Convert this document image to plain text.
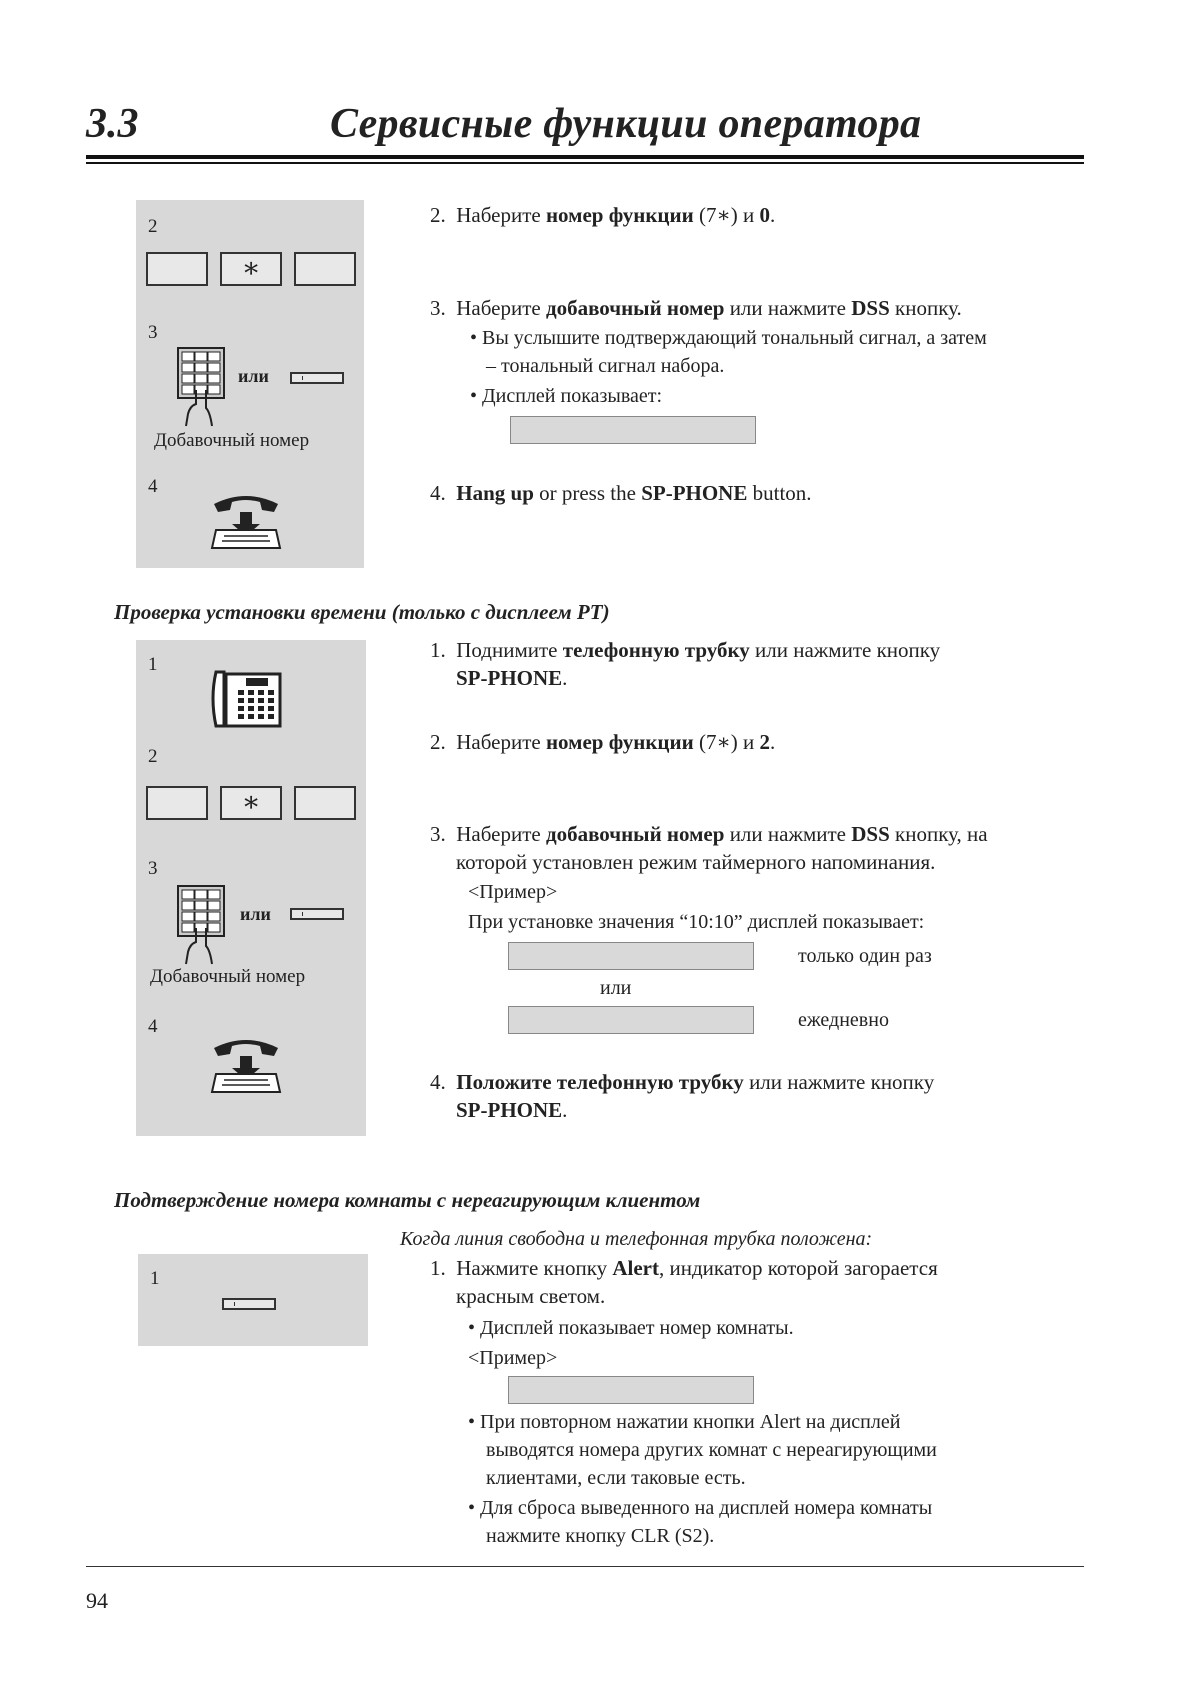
3.3	Сервисные функции оператора
2
∗
3
или
Добавочный номер
4
2. Наберите номер функции (7∗) и 0.
3. Наберите добавочный номер или нажмите DSS кнопку.
• Вы услышите подтверждающий тональный сигнал, а затем
– тональный сигнал набора.
• Дисплей показывает:
4. Hang up or press the SP-PHONE button.
Проверка установки времени (только с дисплеем PT)
1
2
∗
3
или
Добавочный номер
4
1. Поднимите телефонную трубку или нажмите кнопку
SP-PHONE.
2. Наберите номер функции (7∗) и 2.
3. Наберите добавочный номер или нажмите DSS кнопку, на
которой установлен режим таймерного напоминания.
<Пример>
При установке значения “10:10” дисплей показывает:
только один раз
или
ежедневно
4. Положите телефонную трубку или нажмите кнопку
SP-PHONE.
Подтверждение номера комнаты с нереагирующим клиентом
Когда линия свободна и телефонная трубка положена:
1	1. Нажмите кнопку Alert, индикатор которой загорается
красным светом.
• Дисплей показывает номер комнаты.
<Пример>
• При повторном нажатии кнопки Alert на дисплей
выводятся номера других комнат с нереагирующими
клиентами, если таковые есть.
• Для сброса выведенного на дисплей номера комнаты
нажмите кнопку CLR (S2).
94
